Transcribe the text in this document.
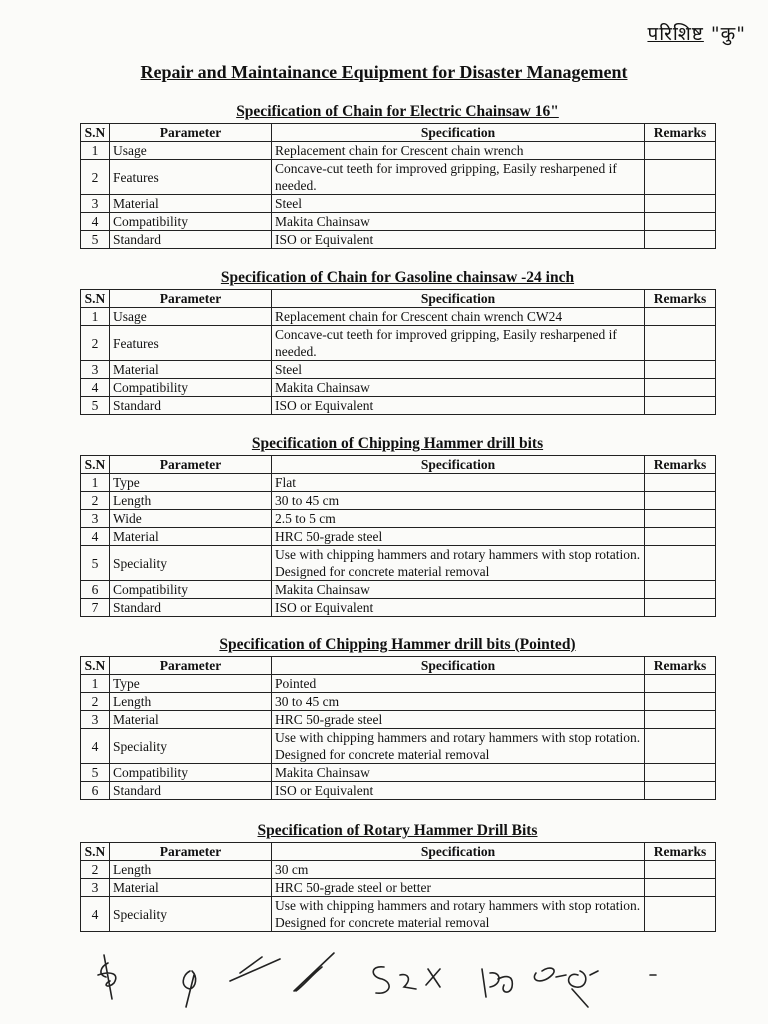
परिशिष्ट "कु"
Repair and Maintainance Equipment for Disaster Management
Specification of Chain for Electric Chainsaw 16"
S.N	Parameter	Specification	Remarks
1	Usage	Replacement chain for Crescent chain wrench	
2	Features	Concave-cut teeth for improved gripping, Easily resharpened if needed.	
3	Material	Steel	
4	Compatibility	Makita Chainsaw	
5	Standard	ISO or Equivalent	
Specification of Chain for Gasoline chainsaw -24 inch
S.N	Parameter	Specification	Remarks
1	Usage	Replacement chain for Crescent chain wrench CW24	
2	Features	Concave-cut teeth for improved gripping, Easily resharpened if needed.	
3	Material	Steel	
4	Compatibility	Makita Chainsaw	
5	Standard	ISO or Equivalent	
Specification of Chipping Hammer drill bits
S.N	Parameter	Specification	Remarks
1	Type	Flat	
2	Length	30 to 45 cm	
3	Wide	2.5 to 5 cm	
4	Material	HRC 50-grade steel	
5	Speciality	Use with chipping hammers and rotary hammers with stop rotation. Designed for concrete material removal	
6	Compatibility	Makita Chainsaw	
7	Standard	ISO or Equivalent	
Specification of Chipping Hammer drill bits (Pointed)
S.N	Parameter	Specification	Remarks
1	Type	Pointed	
2	Length	30 to 45 cm	
3	Material	HRC 50-grade steel	
4	Speciality	Use with chipping hammers and rotary hammers with stop rotation. Designed for concrete material removal	
5	Compatibility	Makita Chainsaw	
6	Standard	ISO or Equivalent	
Specification of Rotary Hammer Drill Bits
S.N	Parameter	Specification	Remarks
2	Length	30 cm	
3	Material	HRC 50-grade steel or better	
4	Speciality	Use with chipping hammers and rotary hammers with stop rotation. Designed for concrete material removal	
